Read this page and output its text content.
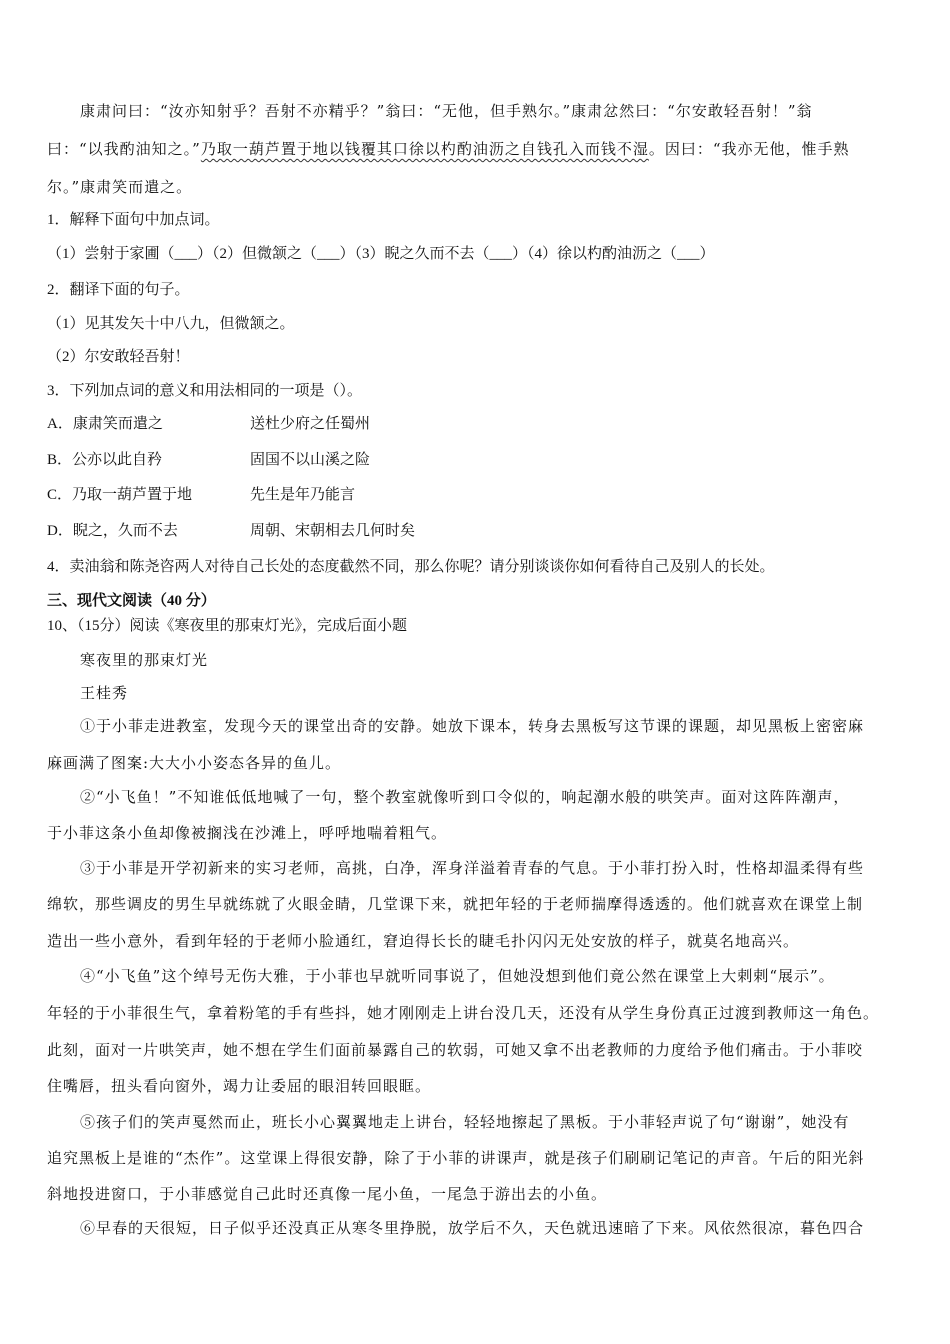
康肃问曰：“汝亦知射乎？吾射不亦精乎？”翁曰：“无他，但手熟尔。”康肃忿然曰：“尔安敢轻吾射！”翁
曰：“以我酌油知之。”乃取一葫芦置于地以钱覆其口徐以杓酌油沥之自钱孔入而钱不湿。因曰：“我亦无他，惟手熟
尔。”康肃笑而遣之。
1．解释下面句中加点词。
（1）尝射于家圃（___）（2）但微颔之（___）（3）睨之久而不去（___）（4）徐以杓酌油沥之（___）
2．翻译下面的句子。
（1）见其发矢十中八九，但微颔之。
（2）尔安敢轻吾射！
3．下列加点词的意义和用法相同的一项是（）。
A．康肃笑而遣之	送杜少府之任蜀州
B．公亦以此自矜	固国不以山溪之险
C．乃取一葫芦置于地	先生是年乃能言
D．睨之，久而不去	周朝、宋朝相去几何时矣
4．卖油翁和陈尧咨两人对待自己长处的态度截然不同，那么你呢？请分别谈谈你如何看待自己及别人的长处。
三、现代文阅读（40 分）
10、（15分）阅读《寒夜里的那束灯光》，完成后面小题
寒夜里的那束灯光
王桂秀
①于小菲走进教室，发现今天的课堂出奇的安静。她放下课本，转身去黑板写这节课的课题，却见黑板上密密麻
麻画满了图案:大大小小姿态各异的鱼儿。
②“小飞鱼！”不知谁低低地喊了一句，整个教室就像听到口令似的，响起潮水般的哄笑声。面对这阵阵潮声，
于小菲这条小鱼却像被搁浅在沙滩上，呼呼地喘着粗气。
③于小菲是开学初新来的实习老师，高挑，白净，浑身洋溢着青春的气息。于小菲打扮入时，性格却温柔得有些
绵软，那些调皮的男生早就练就了火眼金睛，几堂课下来，就把年轻的于老师揣摩得透透的。他们就喜欢在课堂上制
造出一些小意外，看到年轻的于老师小脸通红，窘迫得长长的睫毛扑闪闪无处安放的样子，就莫名地高兴。
④“小飞鱼”这个绰号无伤大雅，于小菲也早就听同事说了，但她没想到他们竟公然在课堂上大剌剌“展示”。
年轻的于小菲很生气，拿着粉笔的手有些抖，她才刚刚走上讲台没几天，还没有从学生身份真正过渡到教师这一角色。
此刻，面对一片哄笑声，她不想在学生们面前暴露自己的软弱，可她又拿不出老教师的力度给予他们痛击。于小菲咬
住嘴唇，扭头看向窗外，竭力让委屈的眼泪转回眼眶。
⑤孩子们的笑声戛然而止，班长小心翼翼地走上讲台，轻轻地擦起了黑板。于小菲轻声说了句“谢谢”，她没有
追究黑板上是谁的“杰作”。这堂课上得很安静，除了于小菲的讲课声，就是孩子们刷刷记笔记的声音。午后的阳光斜
斜地投进窗口，于小菲感觉自己此时还真像一尾小鱼，一尾急于游出去的小鱼。
⑥早春的天很短，日子似乎还没真正从寒冬里挣脱，放学后不久，天色就迅速暗了下来。风依然很凉，暮色四合
